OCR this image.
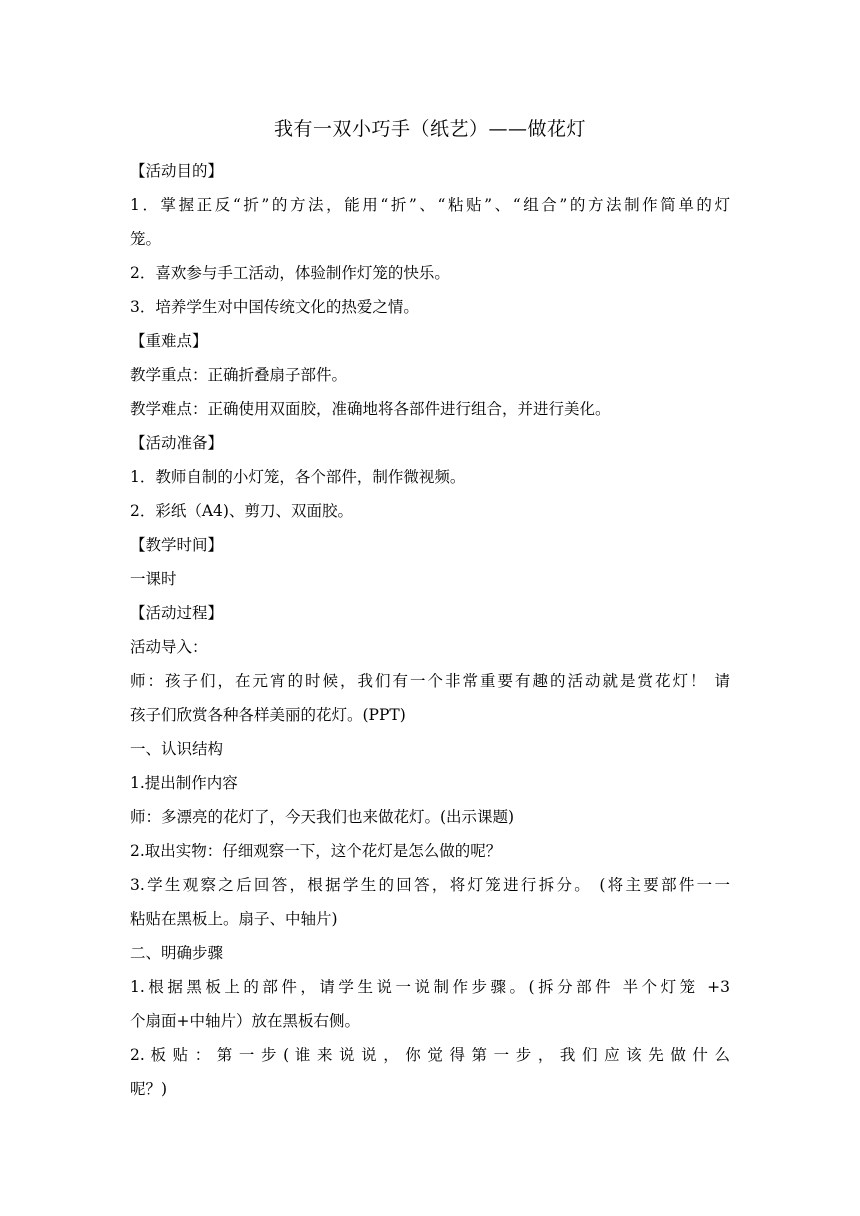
我有一双小巧手（纸艺）——做花灯
【活动目的】
1．掌握正反“折”的方法，能用“折”、“粘贴”、“组合”的方法制作简单的灯
笼。
2．喜欢参与手工活动，体验制作灯笼的快乐。
3．培养学生对中国传统文化的热爱之情。
【重难点】
教学重点：正确折叠扇子部件。
教学难点：正确使用双面胶，准确地将各部件进行组合，并进行美化。
【活动准备】
1．教师自制的小灯笼，各个部件，制作微视频。
2．彩纸（A4)、剪刀、双面胶。
【教学时间】
一课时
【活动过程】
活动导入：
师：孩子们，在元宵的时候，我们有一个非常重要有趣的活动就是赏花灯！ 请
孩子们欣赏各种各样美丽的花灯。(PPT)
一、认识结构
1.提出制作内容
师：多漂亮的花灯了，今天我们也来做花灯。(出示课题)
2.取出实物：仔细观察一下，这个花灯是怎么做的呢？
3.学生观察之后回答，根据学生的回答，将灯笼进行拆分。 (将主要部件一一
粘贴在黑板上。扇子、中轴片)
二、明确步骤
1.根据黑板上的部件，请学生说一说制作步骤。(拆分部件 半个灯笼 +3
个扇面+中轴片）放在黑板右侧。
2. 板 贴 ： 第 一 步 ( 谁 来 说 说 ， 你 觉 得 第 一 步 ， 我 们 应 该 先 做 什 么
呢？)
